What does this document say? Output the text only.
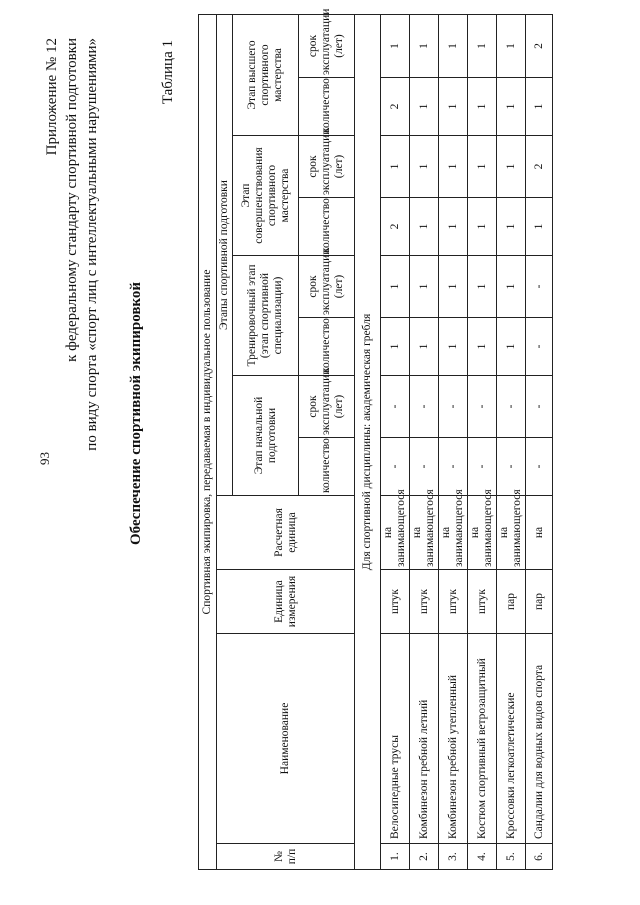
93
Приложение № 12 к федеральному стандарту спортивной подготовки по виду спорта «спорт лиц с интеллектуальными нарушениями» Обеспечение спортивной экипировкой
Таблица 1
Спортивная экипировка, передаваемая в индивидуальное пользование											
№ п/п	Наименование	Единица измерения	Расчетная единица	Этапы спортивной подготовки							
				Этап начальной подготовки		Тренировочный этап (этап спортивной специализации)		Этап совершенствования спортивного мастерства		Этап высшего спортивного мастерства	
				количество	срок эксплуатации (лет)	количество	срок эксплуатации (лет)	количество	срок эксплуатации (лет)	количество	срок эксплуатации (лет)
Для спортивной дисциплины: академическая гребля											
1.	Велосипедные трусы	штук	на занимающегося	-	-	1	1	2	1	2	1
2.	Комбинезон гребной летний	штук	на занимающегося	-	-	1	1	1	1	1	1
3.	Комбинезон гребной утепленный	штук	на занимающегося	-	-	1	1	1	1	1	1
4.	Костюм спортивный ветрозащитный	штук	на занимающегося	-	-	1	1	1	1	1	1
5.	Кроссовки легкоатлетические	пар	на занимающегося	-	-	1	1	1	1	1	1
6.	Сандалии для водных видов спорта	пар	на	-	-	-	-	1	2	1	2
